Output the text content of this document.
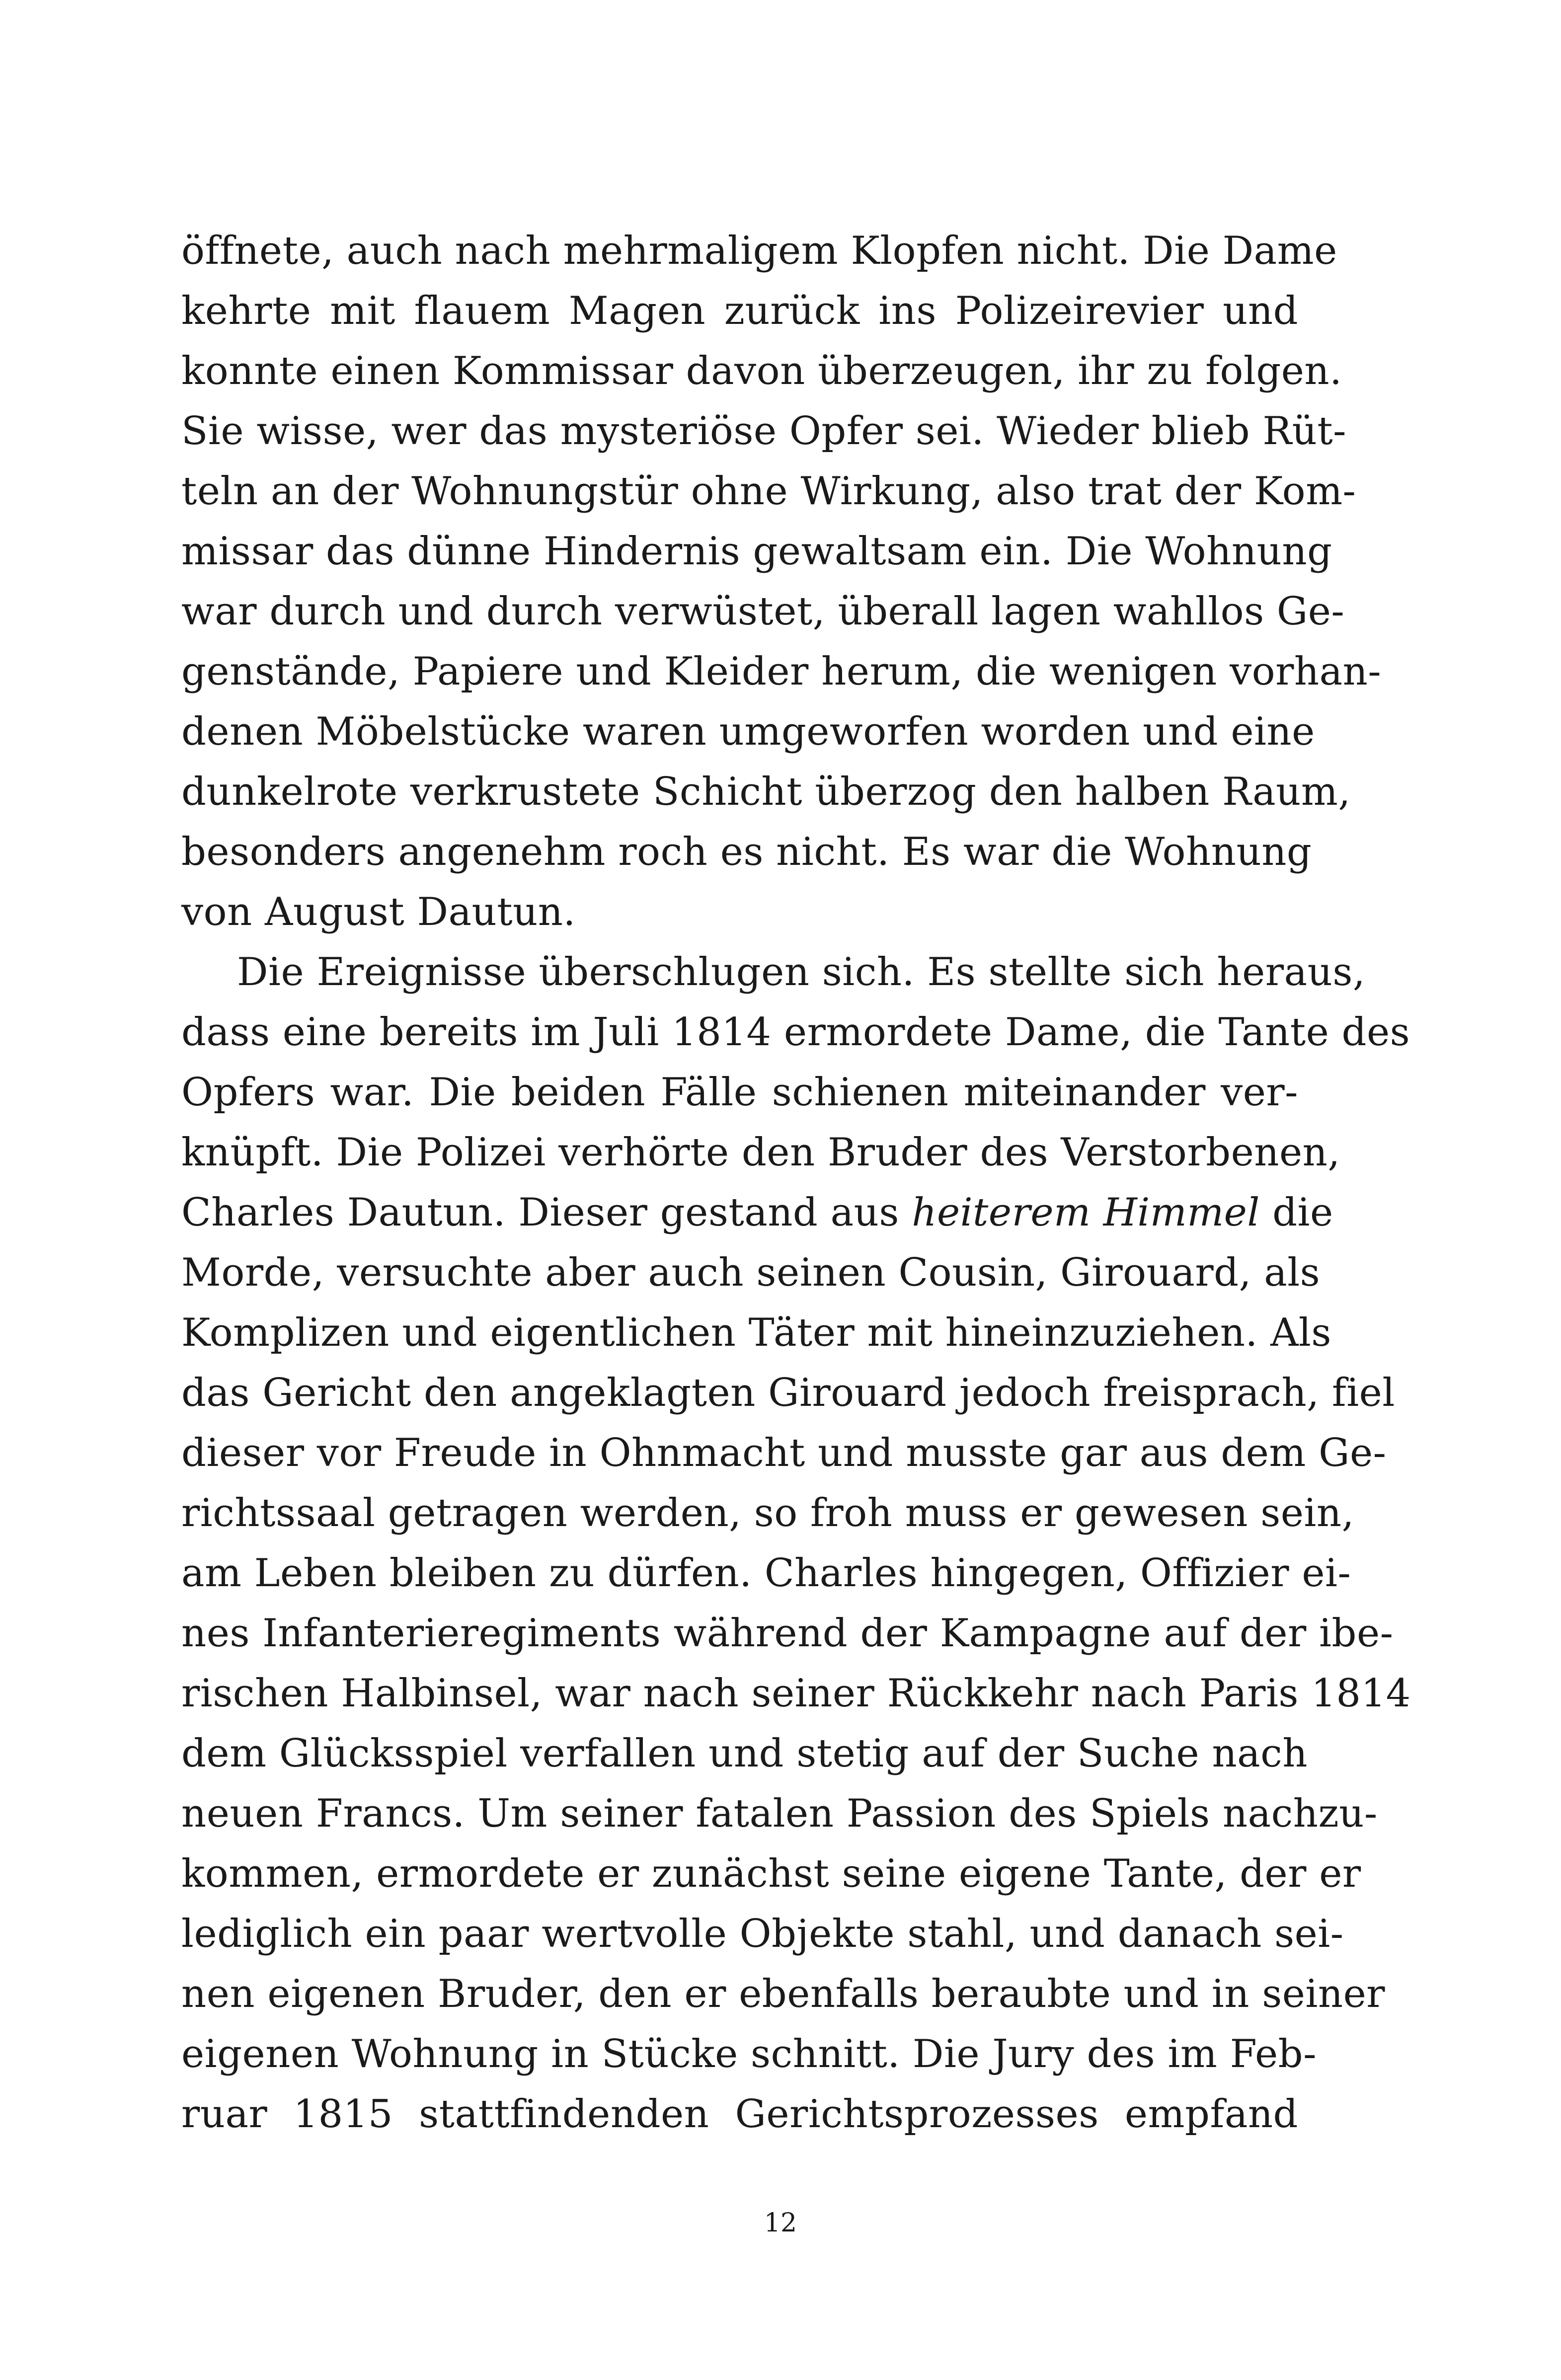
öffnete, auch nach mehrmaligem Klopfen nicht. Die Dame
kehrte mit flauem Magen zurück ins Polizeirevier und
konnte einen Kommissar davon überzeugen, ihr zu folgen.
Sie wisse, wer das mysteriöse Opfer sei. Wieder blieb Rüt-
teln an der Wohnungstür ohne Wirkung, also trat der Kom-
missar das dünne Hindernis gewaltsam ein. Die Wohnung
war durch und durch verwüstet, überall lagen wahllos Ge-
genstände, Papiere und Kleider herum, die wenigen vorhan-
denen Möbelstücke waren umgeworfen worden und eine
dunkelrote verkrustete Schicht überzog den halben Raum,
besonders angenehm roch es nicht. Es war die Wohnung
von August Dautun.
Die Ereignisse überschlugen sich. Es stellte sich heraus,
dass eine bereits im Juli 1814 ermordete Dame, die Tante des
Opfers war. Die beiden Fälle schienen miteinander ver-
knüpft. Die Polizei verhörte den Bruder des Verstorbenen,
Charles Dautun. Dieser gestand aus heiterem Himmel die
Morde, versuchte aber auch seinen Cousin, Girouard, als
Komplizen und eigentlichen Täter mit hineinzuziehen. Als
das Gericht den angeklagten Girouard jedoch freisprach, fiel
dieser vor Freude in Ohnmacht und musste gar aus dem Ge-
richtssaal getragen werden, so froh muss er gewesen sein,
am Leben bleiben zu dürfen. Charles hingegen, Offizier ei-
nes Infanterieregiments während der Kampagne auf der ibe-
rischen Halbinsel, war nach seiner Rückkehr nach Paris 1814
dem Glücksspiel verfallen und stetig auf der Suche nach
neuen Francs. Um seiner fatalen Passion des Spiels nachzu-
kommen, ermordete er zunächst seine eigene Tante, der er
lediglich ein paar wertvolle Objekte stahl, und danach sei-
nen eigenen Bruder, den er ebenfalls beraubte und in seiner
eigenen Wohnung in Stücke schnitt. Die Jury des im Feb-
ruar 1815 stattfindenden Gerichtsprozesses empfand
12
